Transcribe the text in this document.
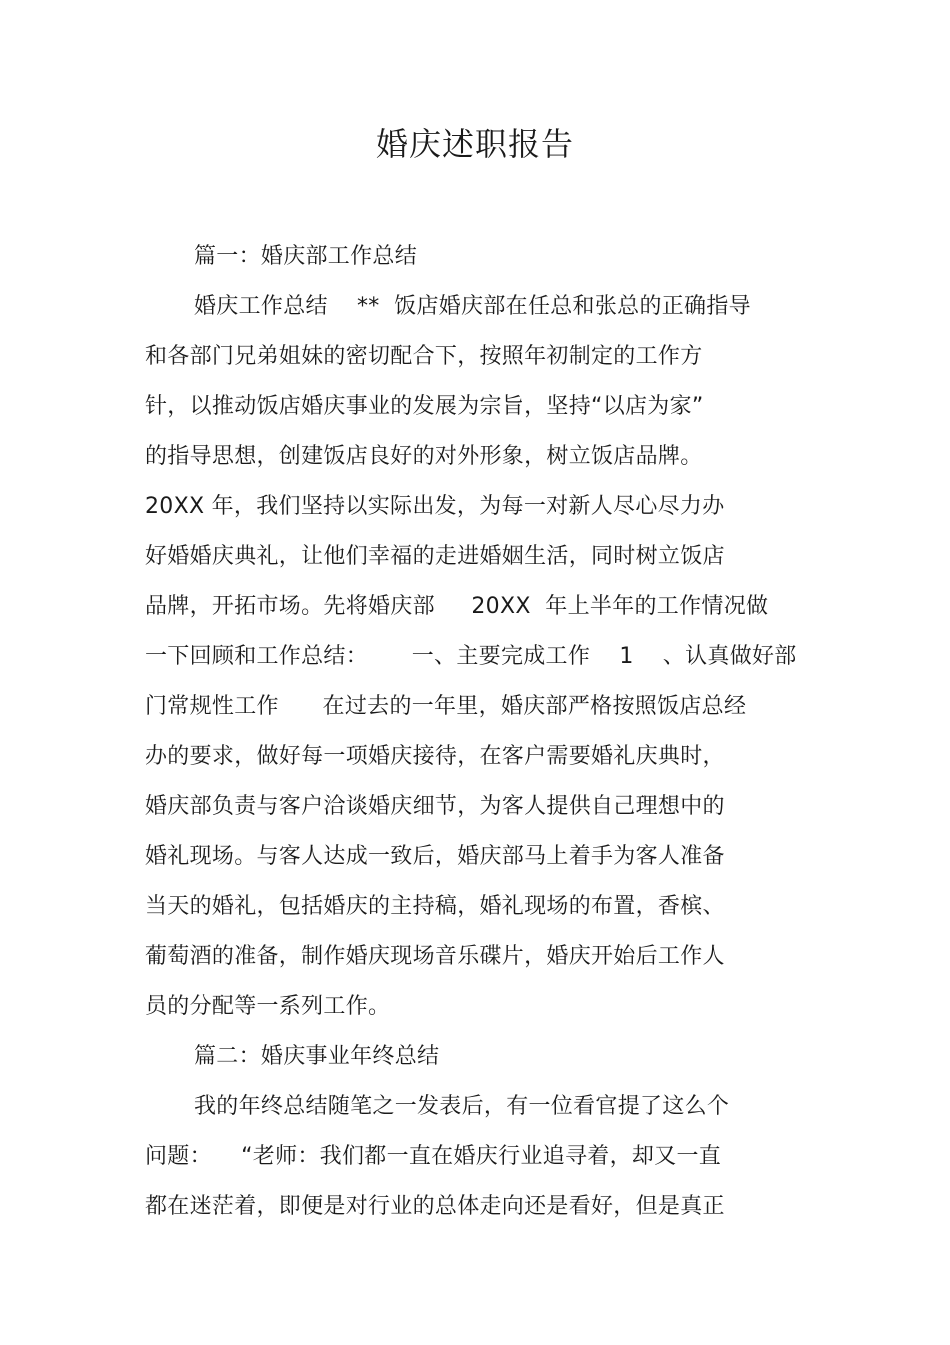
婚庆述职报告
篇一：婚庆部工作总结
婚庆工作总结    **  饭店婚庆部在任总和张总的正确指导
和各部门兄弟姐妹的密切配合下，按照年初制定的工作方
针，以推动饭店婚庆事业的发展为宗旨，坚持“以店为家”
的指导思想，创建饭店良好的对外形象，树立饭店品牌。
20XX 年，我们坚持以实际出发，为每一对新人尽心尽力办
好婚婚庆典礼，让他们幸福的走进婚姻生活，同时树立饭店
品牌，开拓市场。先将婚庆部     20XX  年上半年的工作情况做
一下回顾和工作总结：      一、主要完成工作    1    、认真做好部
门常规性工作      在过去的一年里，婚庆部严格按照饭店总经
办的要求，做好每一项婚庆接待，在客户需要婚礼庆典时，
婚庆部负责与客户洽谈婚庆细节，为客人提供自己理想中的
婚礼现场。与客人达成一致后，婚庆部马上着手为客人准备
当天的婚礼，包括婚庆的主持稿，婚礼现场的布置，香槟、
葡萄酒的准备，制作婚庆现场音乐碟片，婚庆开始后工作人
员的分配等一系列工作。
篇二：婚庆事业年终总结
我的年终总结随笔之一发表后，有一位看官提了这么个
问题：    “老师：我们都一直在婚庆行业追寻着，却又一直
都在迷茫着，即便是对行业的总体走向还是看好，但是真正
